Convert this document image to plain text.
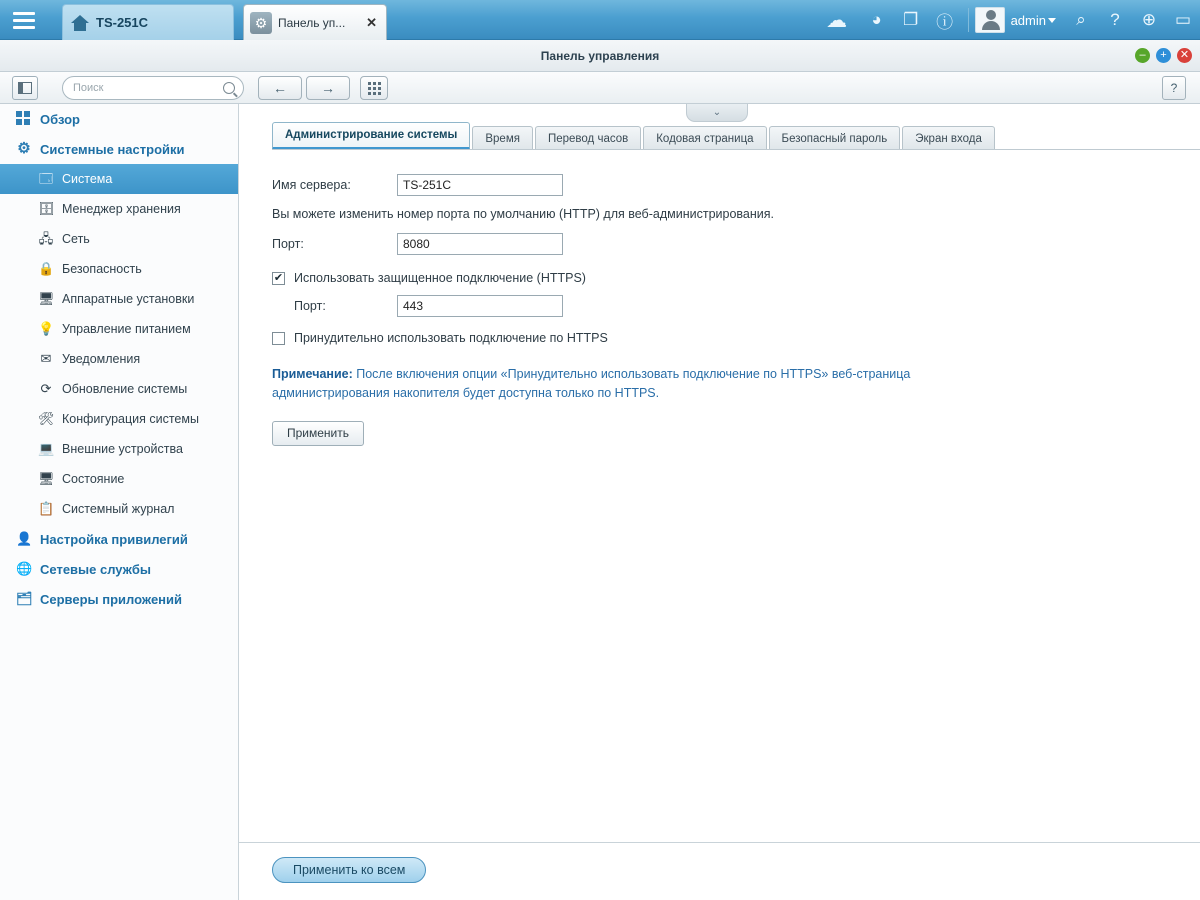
TS-251C	⚙ Панель уп...	✕	☁	◕	❐	ⓘ	admin	⌕	?	⊕	▭
Панель управления	–	+	✕
Поиск
←	→	?
Обзор
⚙ Системные настройки
🗔 Система
🗄 Менеджер хранения
🖧 Сеть
🔒 Безопасность
🖥 Аппаратные установки
💡 Управление питанием
✉ Уведомления
⟳ Обновление системы
🛠 Конфигурация системы
💻 Внешние устройства
🖥 Состояние
📋 Системный журнал
👤 Настройка привилегий
🌐 Сетевые службы
🗂 Серверы приложений
⌄
Администрирование системы	Время	Перевод часов	Кодовая страница	Безопасный пароль	Экран входа
Имя сервера:
TS-251C
Вы можете изменить номер порта по умолчанию (HTTP) для веб-администрирования.
Порт:
8080
✔ Использовать защищенное подключение (HTTPS)
Порт:
443
Принудительно использовать подключение по HTTPS
Примечание: После включения опции «Принудительно использовать подключение по HTTPS» веб-страница администрирования накопителя будет доступна только по HTTPS.
Применить
Применить ко всем
